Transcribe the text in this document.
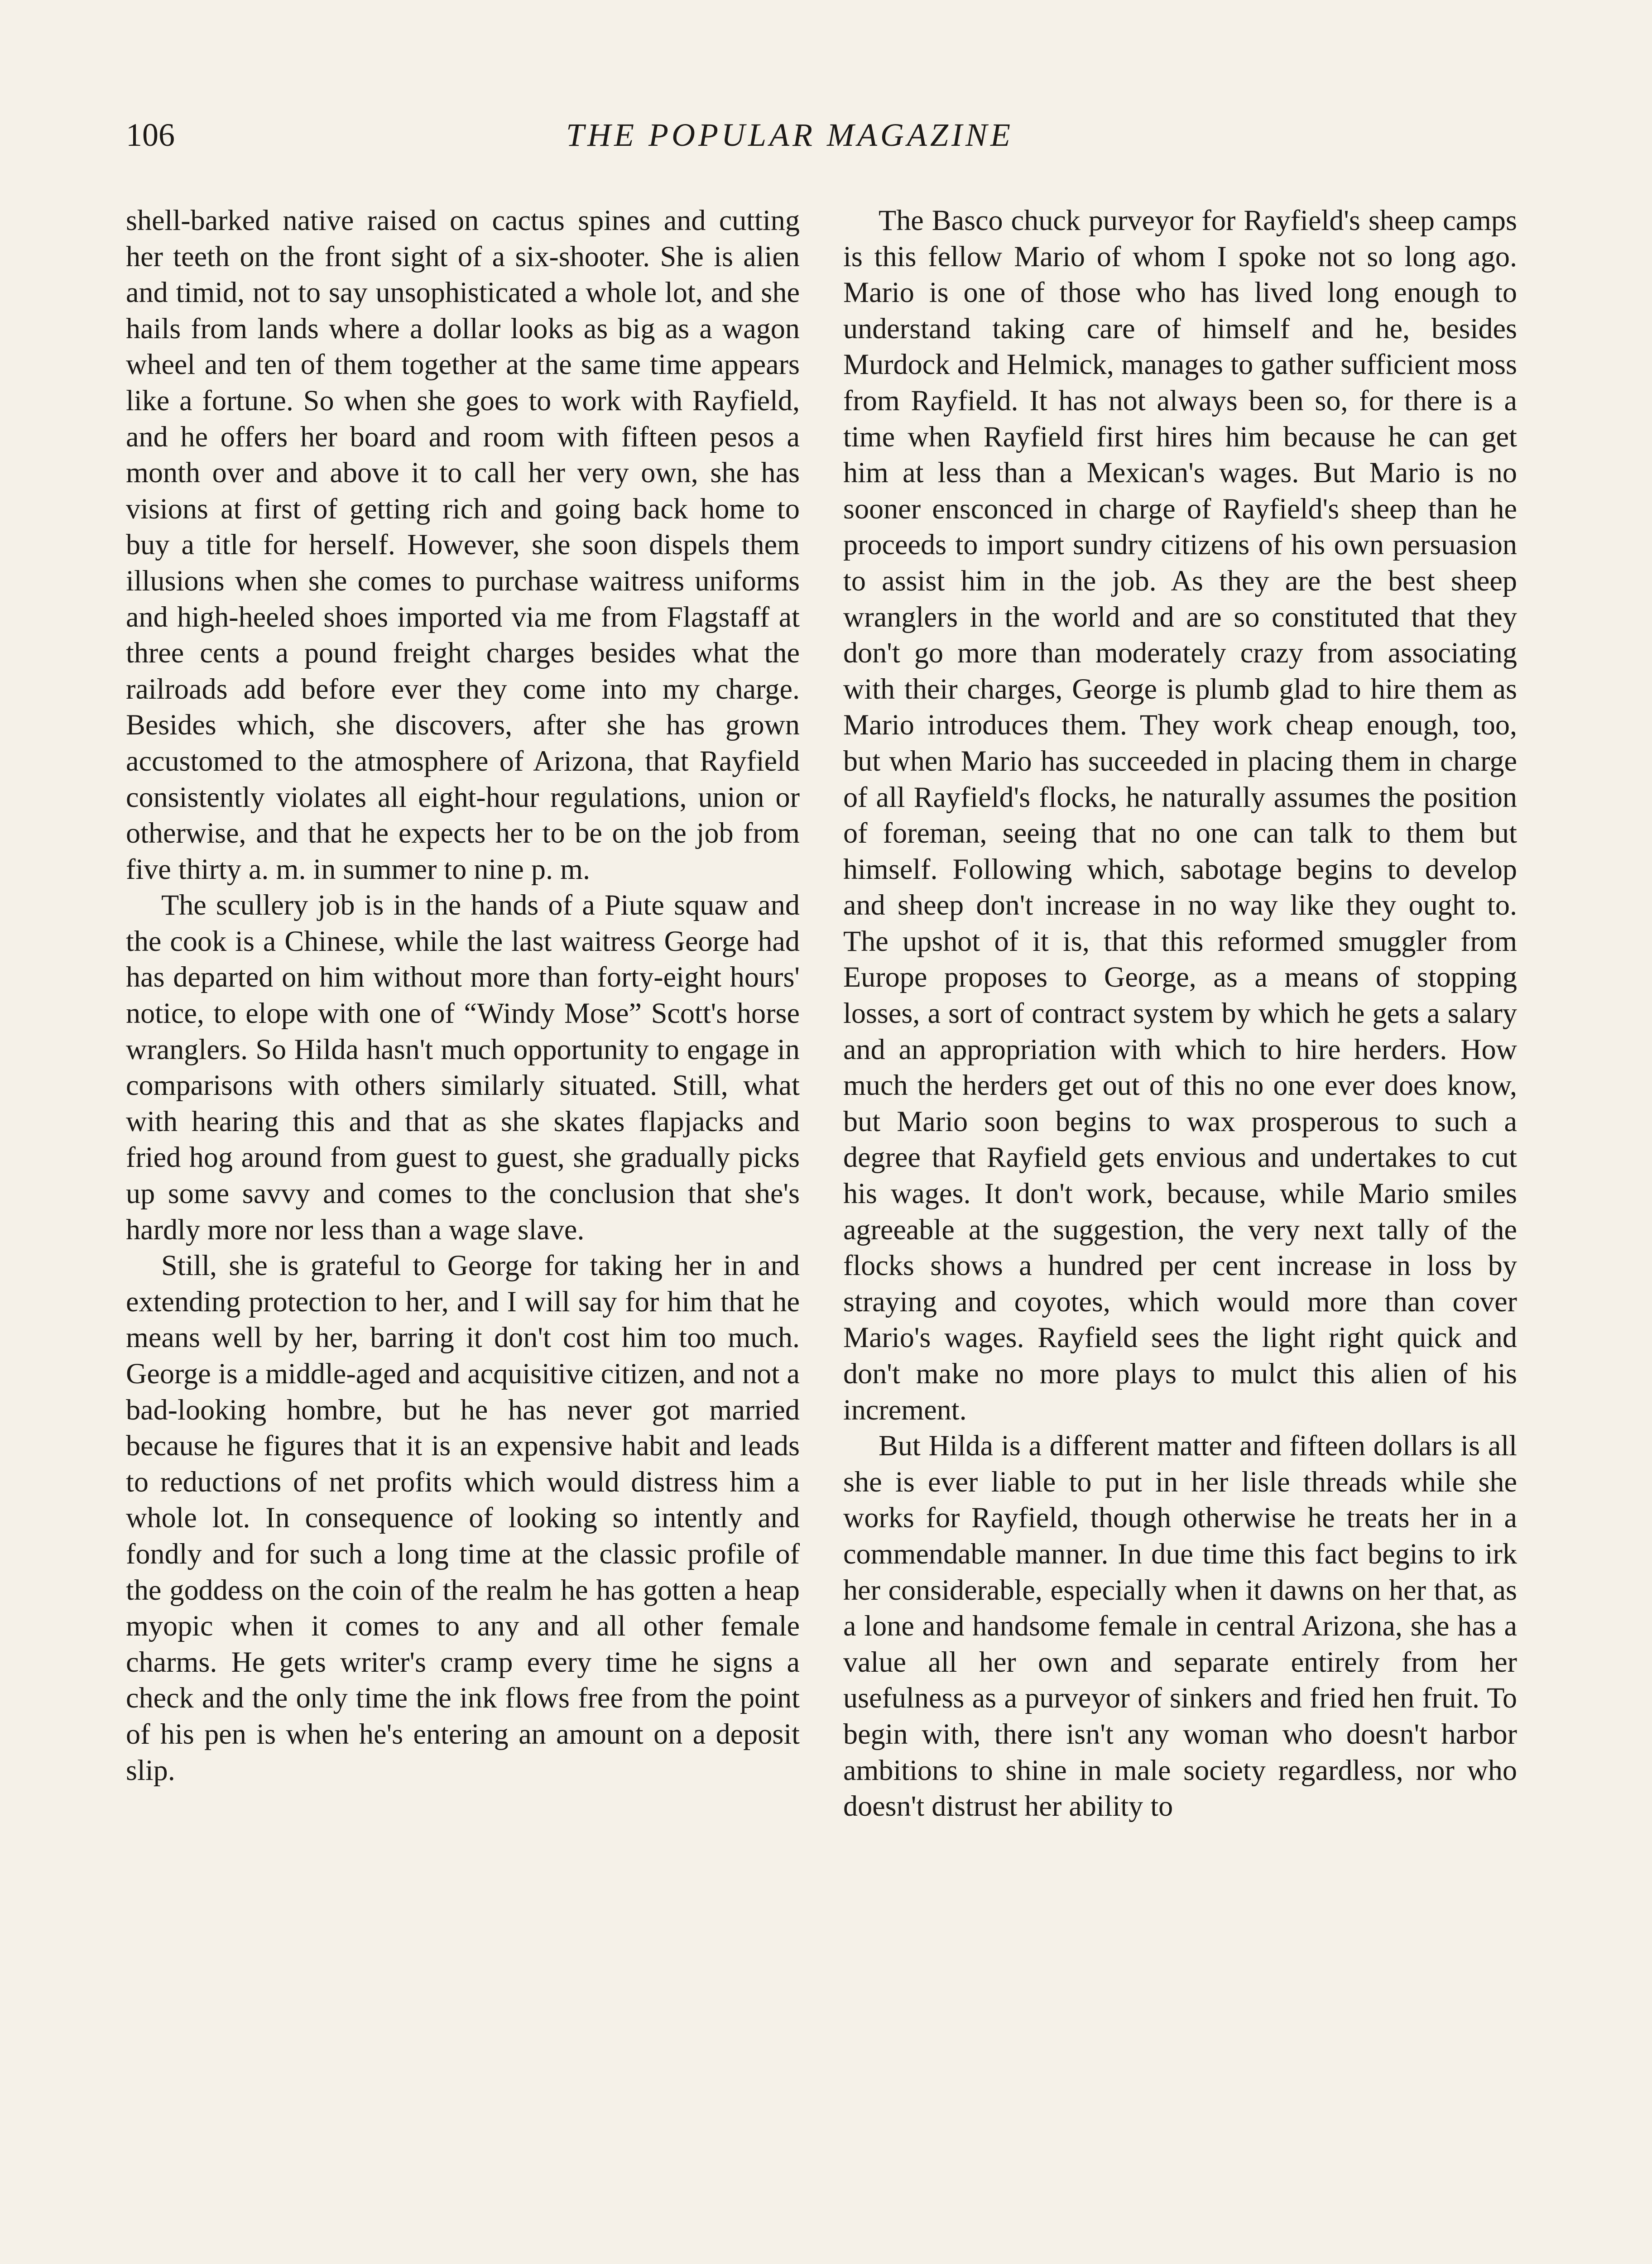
106	THE POPULAR MAGAZINE

shell-barked native raised on cactus spines and cutting her teeth on the front sight of a six-shooter. She is alien and timid, not to say unsophisticated a whole lot, and she hails from lands where a dollar looks as big as a wagon wheel and ten of them together at the same time appears like a fortune. So when she goes to work with Rayfield, and he offers her board and room with fifteen pesos a month over and above it to call her very own, she has visions at first of getting rich and going back home to buy a title for herself. However, she soon dispels them illusions when she comes to purchase waitress uniforms and high-heeled shoes imported via me from Flagstaff at three cents a pound freight charges besides what the railroads add before ever they come into my charge. Besides which, she discovers, after she has grown accustomed to the atmosphere of Arizona, that Rayfield consistently violates all eight-hour regulations, union or otherwise, and that he expects her to be on the job from five thirty a. m. in summer to nine p. m.

The scullery job is in the hands of a Piute squaw and the cook is a Chinese, while the last waitress George had has departed on him without more than forty-eight hours' notice, to elope with one of “Windy Mose” Scott's horse wranglers. So Hilda hasn't much opportunity to engage in comparisons with others similarly situated. Still, what with hearing this and that as she skates flapjacks and fried hog around from guest to guest, she gradually picks up some savvy and comes to the conclusion that she's hardly more nor less than a wage slave.

Still, she is grateful to George for taking her in and extending protection to her, and I will say for him that he means well by her, barring it don't cost him too much. George is a middle-aged and acquisitive citizen, and not a bad-looking hombre, but he has never got married because he figures that it is an expensive habit and leads to reductions of net profits which would distress him a whole lot. In consequence of looking so intently and fondly and for such a long time at the classic profile of the goddess on the coin of the realm he has gotten a heap myopic when it comes to any and all other female charms. He gets writer's cramp every time he signs a check and the only time the ink flows free from the point of his pen is when he's entering an amount on a deposit slip.

The Basco chuck purveyor for Rayfield's sheep camps is this fellow Mario of whom I spoke not so long ago. Mario is one of those who has lived long enough to understand taking care of himself and he, besides Murdock and Helmick, manages to gather sufficient moss from Rayfield. It has not always been so, for there is a time when Rayfield first hires him because he can get him at less than a Mexican's wages. But Mario is no sooner ensconced in charge of Rayfield's sheep than he proceeds to import sundry citizens of his own persuasion to assist him in the job. As they are the best sheep wranglers in the world and are so constituted that they don't go more than moderately crazy from associating with their charges, George is plumb glad to hire them as Mario introduces them. They work cheap enough, too, but when Mario has succeeded in placing them in charge of all Rayfield's flocks, he naturally assumes the position of foreman, seeing that no one can talk to them but himself. Following which, sabotage begins to develop and sheep don't increase in no way like they ought to. The upshot of it is, that this reformed smuggler from Europe proposes to George, as a means of stopping losses, a sort of contract system by which he gets a salary and an appropriation with which to hire herders. How much the herders get out of this no one ever does know, but Mario soon begins to wax prosperous to such a degree that Rayfield gets envious and undertakes to cut his wages. It don't work, because, while Mario smiles agreeable at the suggestion, the very next tally of the flocks shows a hundred per cent increase in loss by straying and coyotes, which would more than cover Mario's wages. Rayfield sees the light right quick and don't make no more plays to mulct this alien of his increment.

But Hilda is a different matter and fifteen dollars is all she is ever liable to put in her lisle threads while she works for Rayfield, though otherwise he treats her in a commendable manner. In due time this fact begins to irk her considerable, especially when it dawns on her that, as a lone and handsome female in central Arizona, she has a value all her own and separate entirely from her usefulness as a purveyor of sinkers and fried hen fruit. To begin with, there isn't any woman who doesn't harbor ambitions to shine in male society regardless, nor who doesn't distrust her ability to
